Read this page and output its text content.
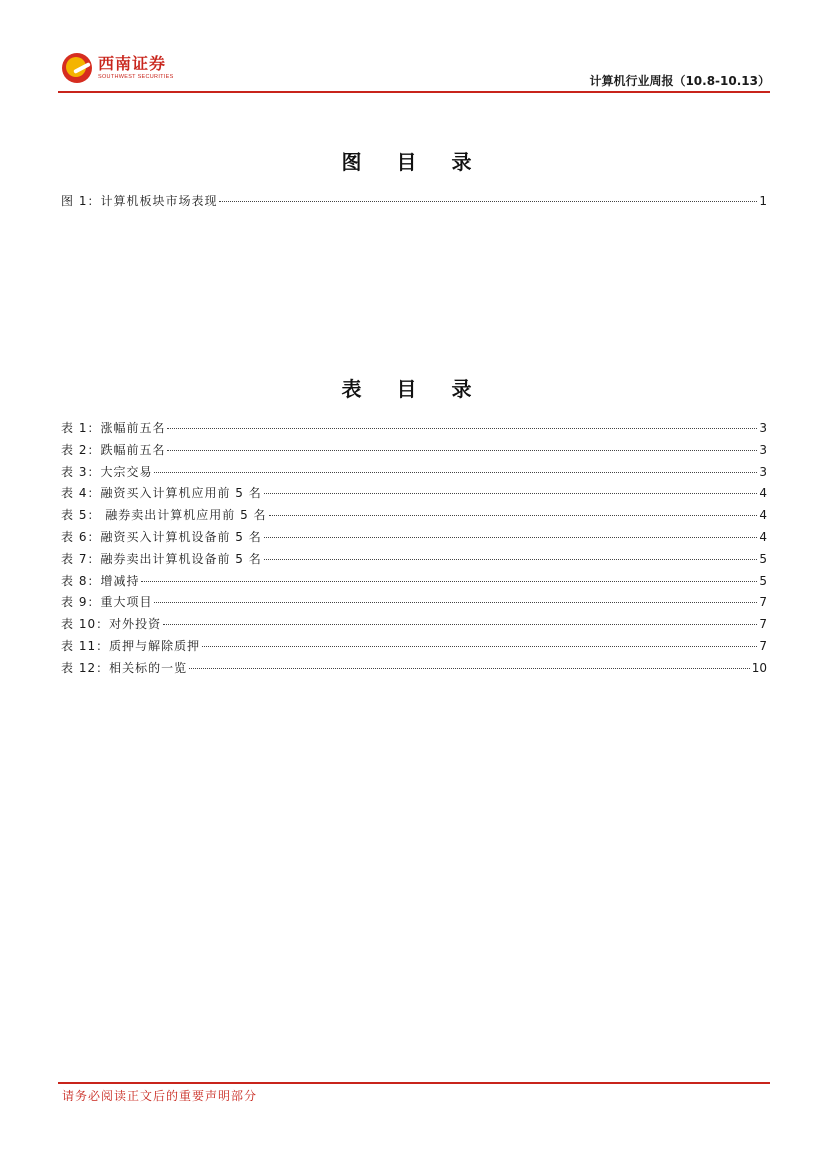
西南证券
SOUTHWEST SECURITIES	计算机行业周报（10.8-10.13）
图 目 录
图 1：计算机板块市场表现	1
表 目 录
表 1：涨幅前五名	3
表 2：跌幅前五名	3
表 3：大宗交易	3
表 4：融资买入计算机应用前 5 名	4
表 5： 融券卖出计算机应用前 5 名	4
表 6：融资买入计算机设备前 5 名	4
表 7：融券卖出计算机设备前 5 名	5
表 8：增减持	5
表 9：重大项目	7
表 10：对外投资	7
表 11：质押与解除质押	7
表 12：相关标的一览	10
请务必阅读正文后的重要声明部分
